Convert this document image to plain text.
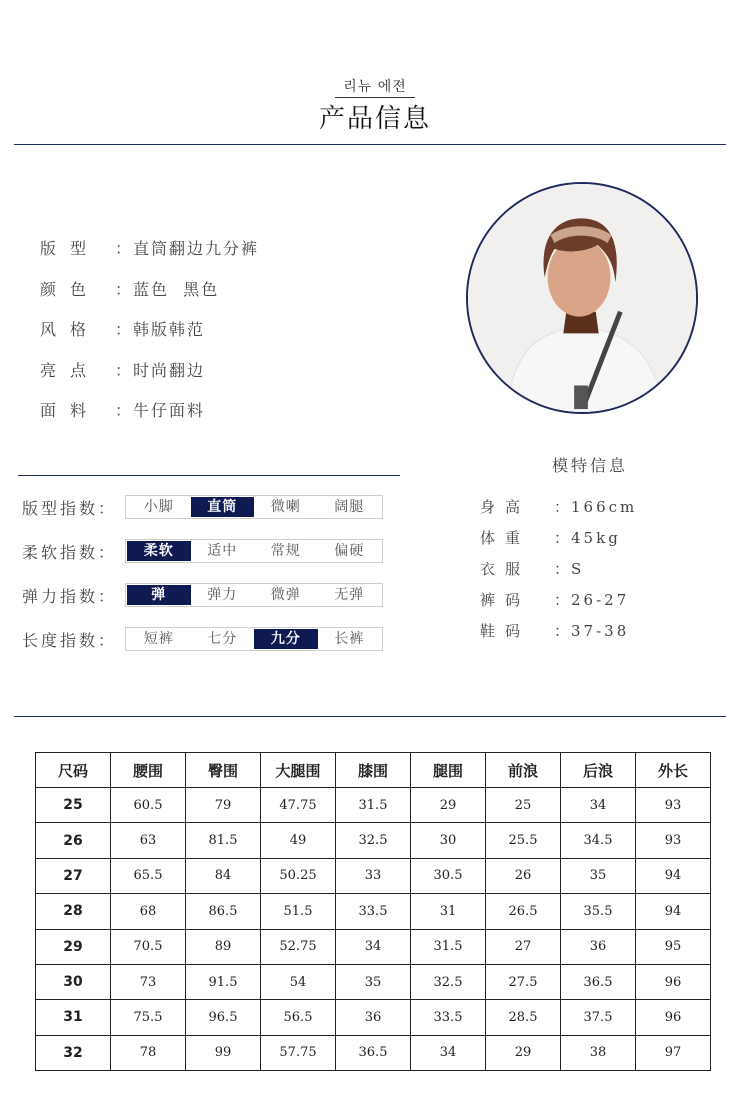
리뉴 에젼
产品信息
版型 ：直筒翻边九分裤
颜色 ：蓝色  黑色
风格 ：韩版韩范
亮点 ：时尚翻边
面料 ：牛仔面料
模特信息
身高 ：166cm
体重 ：45kg
衣服 ：S
裤码 ：26-27
鞋码 ：37-38
版型指数：	小脚	直筒	微喇	阔腿
柔软指数：	柔软	适中	常规	偏硬
弹力指数：	弹	弹力	微弹	无弹
长度指数：	短裤	七分	九分	长裤
尺码	腰围	臀围	大腿围	膝围	腿围	前浪	后浪	外长
25	60.5	79	47.75	31.5	29	25	34	93
26	63	81.5	49	32.5	30	25.5	34.5	93
27	65.5	84	50.25	33	30.5	26	35	94
28	68	86.5	51.5	33.5	31	26.5	35.5	94
29	70.5	89	52.75	34	31.5	27	36	95
30	73	91.5	54	35	32.5	27.5	36.5	96
31	75.5	96.5	56.5	36	33.5	28.5	37.5	96
32	78	99	57.75	36.5	34	29	38	97
